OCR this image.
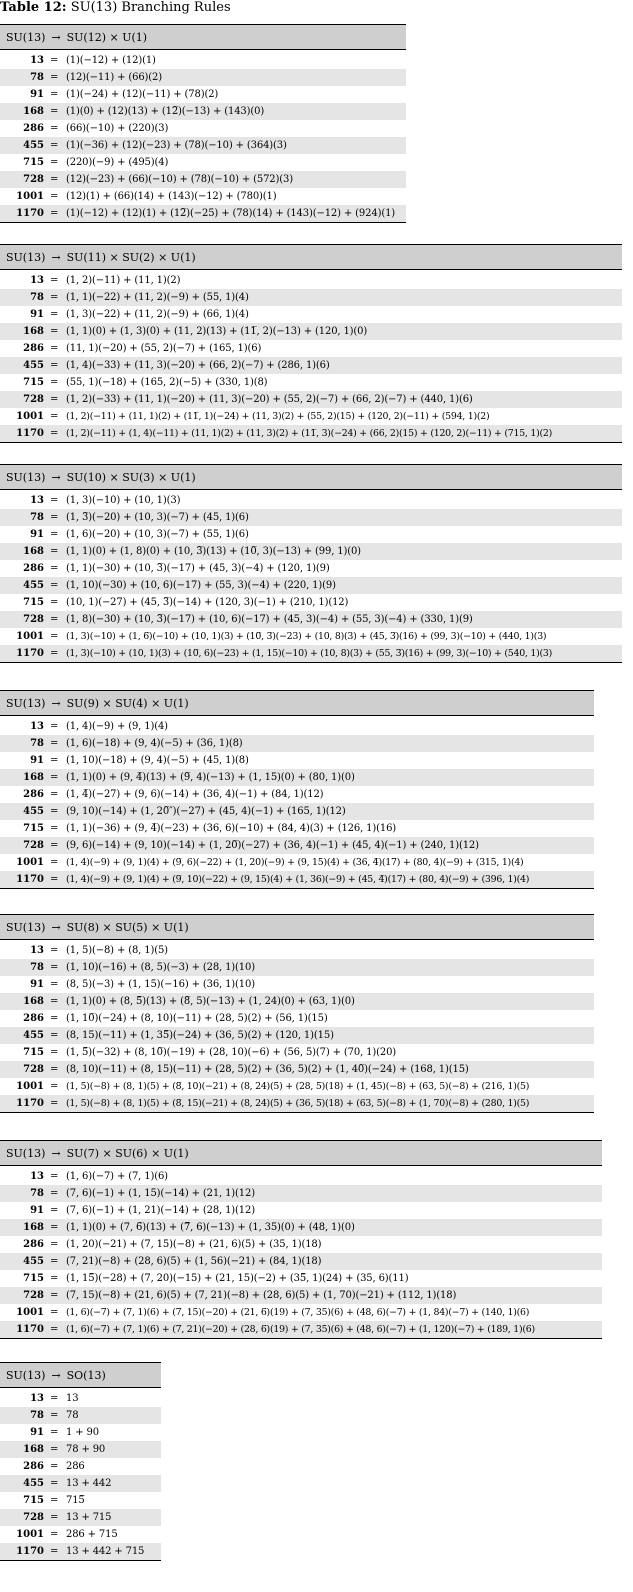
Table 12: SU(13) Branching Rules
SU(13) → SU(12) × U(1)
13 = (1)(−12) + (12)(1)
78 = (12)(−11) + (66)(2)
91 = (1)(−24) + (12)(−11) + (78)(2)
168 = (1)(0) + (12)(13) + (12̅)(−13) + (143)(0)
286 = (66)(−10) + (220)(3)
455 = (1)(−36) + (12)(−23) + (78)(−10) + (364)(3)
715 = (220)(−9) + (495)(4)
728 = (12)(−23) + (66)(−10) + (78)(−10) + (572)(3)
1001 = (12)(1) + (66)(14) + (143)(−12) + (780)(1)
1170 = (1)(−12) + (12)(1) + (12̅)(−25) + (78)(14) + (143)(−12) + (924)(1)
SU(13) → SU(11) × SU(2) × U(1)
13 = (1, 2)(−11) + (11, 1)(2)
78 = (1, 1)(−22) + (11, 2)(−9) + (55, 1)(4)
91 = (1, 3)(−22) + (11, 2)(−9) + (66, 1)(4)
168 = (1, 1)(0) + (1, 3)(0) + (11, 2)(13) + (11̅, 2)(−13) + (120, 1)(0)
286 = (11, 1)(−20) + (55, 2)(−7) + (165, 1)(6)
455 = (1, 4)(−33) + (11, 3)(−20) + (66, 2)(−7) + (286, 1)(6)
715 = (55, 1)(−18) + (165, 2)(−5) + (330, 1)(8)
728 = (1, 2)(−33) + (11, 1)(−20) + (11, 3)(−20) + (55, 2)(−7) + (66, 2)(−7) + (440, 1)(6)
1001 = (1, 2)(−11) + (11, 1)(2) + (11̅, 1)(−24) + (11, 3)(2) + (55, 2)(15) + (120, 2)(−11) + (594, 1)(2)
1170 = (1, 2)(−11) + (1, 4)(−11) + (11, 1)(2) + (11, 3)(2) + (11̅, 3)(−24) + (66, 2)(15) + (120, 2)(−11) + (715, 1)(2)
SU(13) → SU(10) × SU(3) × U(1)
13 = (1, 3)(−10) + (10, 1)(3)
78 = (1, 3̅)(−20) + (10, 3)(−7) + (45, 1)(6)
91 = (1, 6)(−20) + (10, 3)(−7) + (55, 1)(6)
168 = (1, 1)(0) + (1, 8)(0) + (10, 3̅)(13) + (10̅, 3)(−13) + (99, 1)(0)
286 = (1, 1)(−30) + (10, 3̅)(−17) + (45, 3)(−4) + (120, 1)(9)
455 = (1, 10)(−30) + (10, 6)(−17) + (55, 3)(−4) + (220, 1)(9)
715 = (10, 1)(−27) + (45, 3̅)(−14) + (120, 3)(−1) + (210, 1)(12)
728 = (1, 8)(−30) + (10, 3̅)(−17) + (10, 6)(−17) + (45, 3)(−4) + (55, 3)(−4) + (330, 1)(9)
1001 = (1, 3)(−10) + (1, 6̅)(−10) + (10, 1)(3) + (10̅, 3̅)(−23) + (10, 8)(3) + (45, 3̅)(16) + (99, 3)(−10) + (440, 1)(3)
1170 = (1, 3)(−10) + (10, 1)(3) + (10̅, 6)(−23) + (1, 15)(−10) + (10, 8)(3) + (55, 3̅)(16) + (99, 3)(−10) + (540, 1)(3)
SU(13) → SU(9) × SU(4) × U(1)
13 = (1, 4)(−9) + (9, 1)(4)
78 = (1, 6)(−18) + (9, 4)(−5) + (36, 1)(8)
91 = (1, 10)(−18) + (9, 4)(−5) + (45, 1)(8)
168 = (1, 1)(0) + (9, 4̅)(13) + (9̅, 4)(−13) + (1, 15)(0) + (80, 1)(0)
286 = (1, 4̅)(−27) + (9, 6)(−14) + (36, 4)(−1) + (84, 1)(12)
455 = (9, 10)(−14) + (1, 20̅″)(−27) + (45, 4)(−1) + (165, 1)(12)
715 = (1, 1)(−36) + (9, 4̅)(−23) + (36, 6)(−10) + (84, 4)(3) + (126, 1)(16)
728 = (9, 6)(−14) + (9, 10)(−14) + (1, 20̅)(−27) + (36, 4)(−1) + (45, 4)(−1) + (240, 1)(12)
1001 = (1, 4)(−9) + (9, 1)(4) + (9̅, 6)(−22) + (1, 20)(−9) + (9, 15)(4) + (36, 4̅)(17) + (80, 4)(−9) + (315, 1)(4)
1170 = (1, 4)(−9) + (9, 1)(4) + (9̅, 10)(−22) + (9, 15)(4) + (1, 36)(−9) + (45, 4̅)(17) + (80, 4)(−9) + (396, 1)(4)
SU(13) → SU(8) × SU(5) × U(1)
13 = (1, 5)(−8) + (8, 1)(5)
78 = (1, 10)(−16) + (8, 5)(−3) + (28, 1)(10)
91 = (8, 5)(−3) + (1, 15)(−16) + (36, 1)(10)
168 = (1, 1)(0) + (8, 5̅)(13) + (8̅, 5)(−13) + (1, 24)(0) + (63, 1)(0)
286 = (1, 10̅)(−24) + (8, 10)(−11) + (28, 5)(2) + (56, 1)(15)
455 = (8, 15)(−11) + (1, 35̅)(−24) + (36, 5)(2) + (120, 1)(15)
715 = (1, 5̅)(−32) + (8, 10̅)(−19) + (28, 10)(−6) + (56, 5)(7) + (70, 1)(20)
728 = (8, 10)(−11) + (8, 15)(−11) + (28, 5)(2) + (36, 5)(2) + (1, 40̅)(−24) + (168, 1)(15)
1001 = (1, 5)(−8) + (8, 1)(5) + (8̅, 10)(−21) + (8, 24)(5) + (28, 5̅)(18) + (1, 45)(−8) + (63, 5)(−8) + (216, 1)(5)
1170 = (1, 5)(−8) + (8, 1)(5) + (8̅, 15)(−21) + (8, 24)(5) + (36, 5̅)(18) + (63, 5)(−8) + (1, 70)(−8) + (280, 1)(5)
SU(13) → SU(7) × SU(6) × U(1)
13 = (1, 6)(−7) + (7, 1)(6)
78 = (7, 6)(−1) + (1, 15)(−14) + (21, 1)(12)
91 = (7, 6)(−1) + (1, 21)(−14) + (28, 1)(12)
168 = (1, 1)(0) + (7, 6̅)(13) + (7̅, 6)(−13) + (1, 35)(0) + (48, 1)(0)
286 = (1, 20)(−21) + (7, 15)(−8) + (21, 6)(5) + (35, 1)(18)
455 = (7, 21)(−8) + (28, 6)(5) + (1, 56)(−21) + (84, 1)(18)
715 = (1, 15̅)(−28) + (7, 20)(−15) + (21, 15)(−2) + (35̅, 1)(24) + (35, 6)(11)
728 = (7, 15)(−8) + (21, 6)(5) + (7, 21)(−8) + (28, 6)(5) + (1, 70)(−21) + (112, 1)(18)
1001 = (1, 6)(−7) + (7, 1)(6) + (7̅, 15)(−20) + (21, 6̅)(19) + (7, 35)(6) + (48, 6)(−7) + (1, 84)(−7) + (140, 1)(6)
1170 = (1, 6)(−7) + (7, 1)(6) + (7̅, 21)(−20) + (28, 6̅)(19) + (7, 35)(6) + (48, 6)(−7) + (1, 120)(−7) + (189, 1)(6)
SU(13) → SO(13)
13 = 13
78 = 78
91 = 1 + 90
168 = 78 + 90
286 = 286
455 = 13 + 442
715 = 715̅
728 = 13 + 715
1001 = 286 + 715
1170 = 13 + 442 + 715
